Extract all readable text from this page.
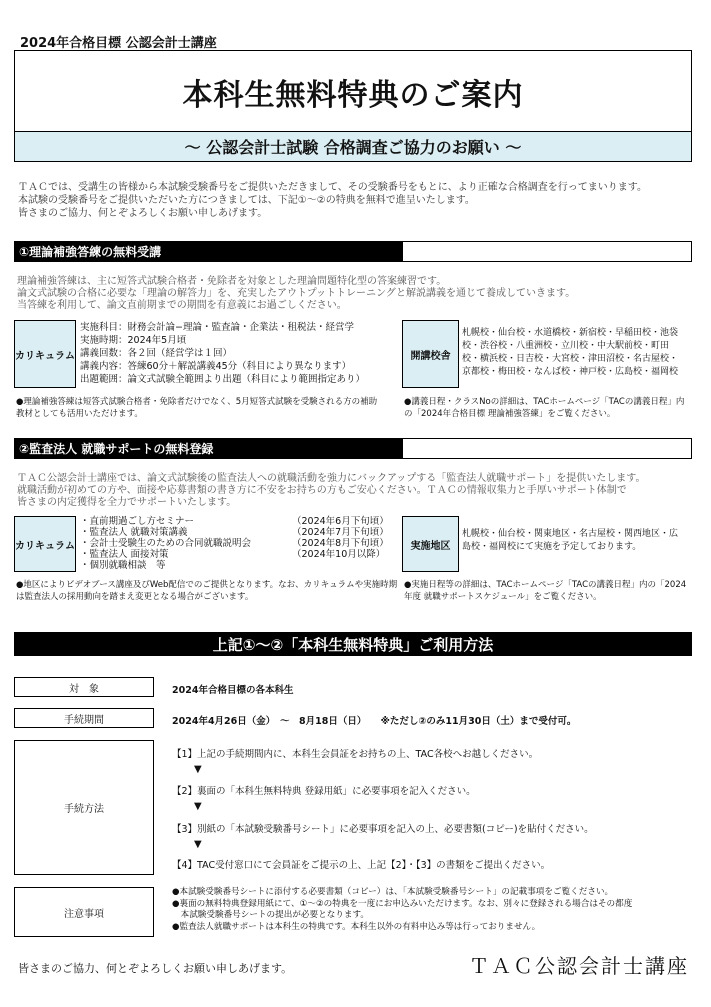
2024年合格目標 公認会計士講座
本科生無料特典のご案内
～ 公認会計士試験 合格調査ご協力のお願い ～
ＴＡＣでは、受講生の皆様から本試験受験番号をご提供いただきまして、その受験番号をもとに、より正確な合格調査を行ってまいります。
本試験の受験番号をご提供いただいた方につきましては、下記①～②の特典を無料で進呈いたします。
皆さまのご協力、何とぞよろしくお願い申しあげます。
①理論補強答練の無料受講
理論補強答練は、主に短答式試験合格者・免除者を対象とした理論問題特化型の答案練習です。
論文式試験の合格に必要な「理論の解答力」を、充実したアウトプットトレーニングと解説講義を通じて養成していきます。
当答練を利用して、論文直前期までの期間を有意義にお過ごしください。
カリキュラム
実施科目：財務会計論−理論・監査論・企業法・租税法・経営学
実施時期：2024年5月頃
講義回数：各２回（経営学は１回）
講義内容：答練60分＋解説講義45分（科目により異なります）
出題範囲：論文式試験全範囲より出題（科目により範囲指定あり）
開講校舎
札幌校・仙台校・水道橋校・新宿校・早稲田校・池袋
校・渋谷校・八重洲校・立川校・中大駅前校・町田
校・横浜校・日吉校・大宮校・津田沼校・名古屋校・
京都校・梅田校・なんば校・神戸校・広島校・福岡校
●理論補強答練は短答式試験合格者・免除者だけでなく、5月短答式試験を受験される方の補助
教材としても活用いただけます。
●講義日程・クラスNoの詳細は、TACホームページ「TACの講義日程」内
の「2024年合格目標 理論補強答練」をご覧ください。
②監査法人 就職サポートの無料登録
ＴＡＣ公認会計士講座では、論文式試験後の監査法人への就職活動を強力にバックアップする「監査法人就職サポート」を提供いたします。
就職活動が初めての方や、面接や応募書類の書き方に不安をお持ちの方もご安心ください。ＴＡＣの情報収集力と手厚いサポート体制で
皆さまの内定獲得を全力でサポートいたします。
カリキュラム
・直前期過ごし方セミナー	（2024年6月下旬頃）
・監査法人 就職対策講義	（2024年7月下旬頃）
・会計士受験生のための合同就職説明会	（2024年8月下旬頃）
・監査法人 面接対策	（2024年10月以降）
・個別就職相談　等
実施地区
札幌校・仙台校・関東地区・名古屋校・関西地区・広
島校・福岡校にて実施を予定しております。
●地区によりビデオブース講座及びWeb配信でのご提供となります。なお、カリキュラムや実施時期
は監査法人の採用動向を踏まえ変更となる場合がございます。
●実施日程等の詳細は、TACホームページ「TACの講義日程」内の「2024
年度 就職サポートスケジュール」をご覧ください。
上記①～②「本科生無料特典」ご利用方法
対　象	2024年合格目標の各本科生
手続期間	2024年4月26日（金）　～　8月18日（日）　　※ただし②のみ11月30日（土）まで受付可。
手続方法
【1】上記の手続期間内に、本科生会員証をお持ちの上、TAC各校へお越しください。
▼
【2】裏面の「本科生無料特典 登録用紙」に必要事項を記入ください。
▼
【3】別紙の「本試験受験番号シート」に必要事項を記入の上、必要書類(コピー)を貼付ください。
▼
【4】TAC受付窓口にて会員証をご提示の上、上記【2】・【3】の書類をご提出ください。
注意事項
●本試験受験番号シートに添付する必要書類（コピー）は、「本試験受験番号シート」の記載事項をご覧ください。
●裏面の無料特典登録用紙にて、①～②の特典を一度にお申込みいただけます。なお、別々に登録される場合はその都度
　本試験受験番号シートの提出が必要となります。
●監査法人就職サポートは本科生の特典です。本科生以外の有料申込み等は行っておりません。
皆さまのご協力、何とぞよろしくお願い申しあげます。	ＴＡＣ公認会計士講座
